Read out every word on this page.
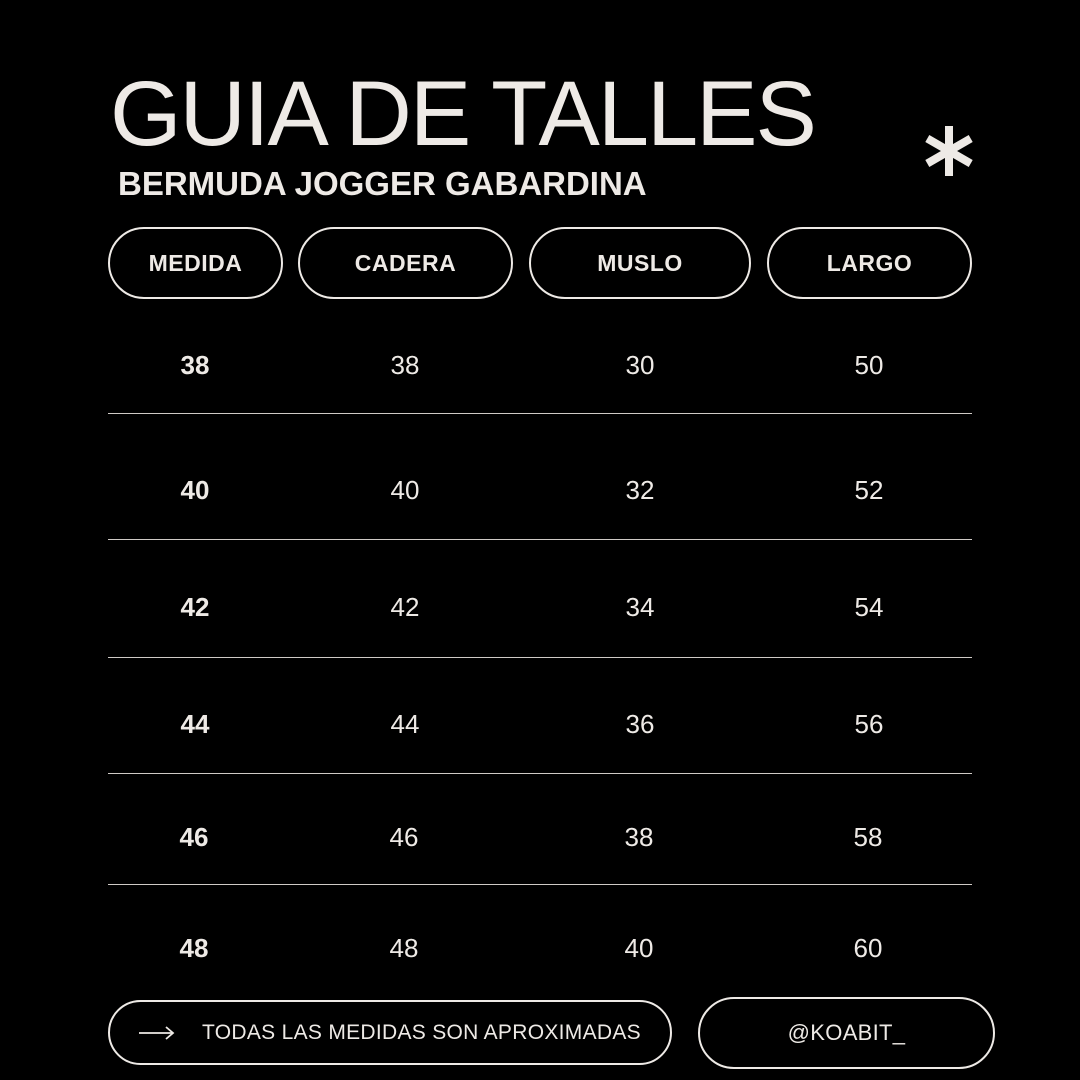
GUIA DE TALLES
BERMUDA JOGGER GABARDINA
MEDIDA	CADERA	MUSLO	LARGO
38	38	30	50
40	40	32	52
42	42	34	54
44	44	36	56
46	46	38	58
48	48	40	60
TODAS LAS MEDIDAS SON APROXIMADAS	@KOABIT_
